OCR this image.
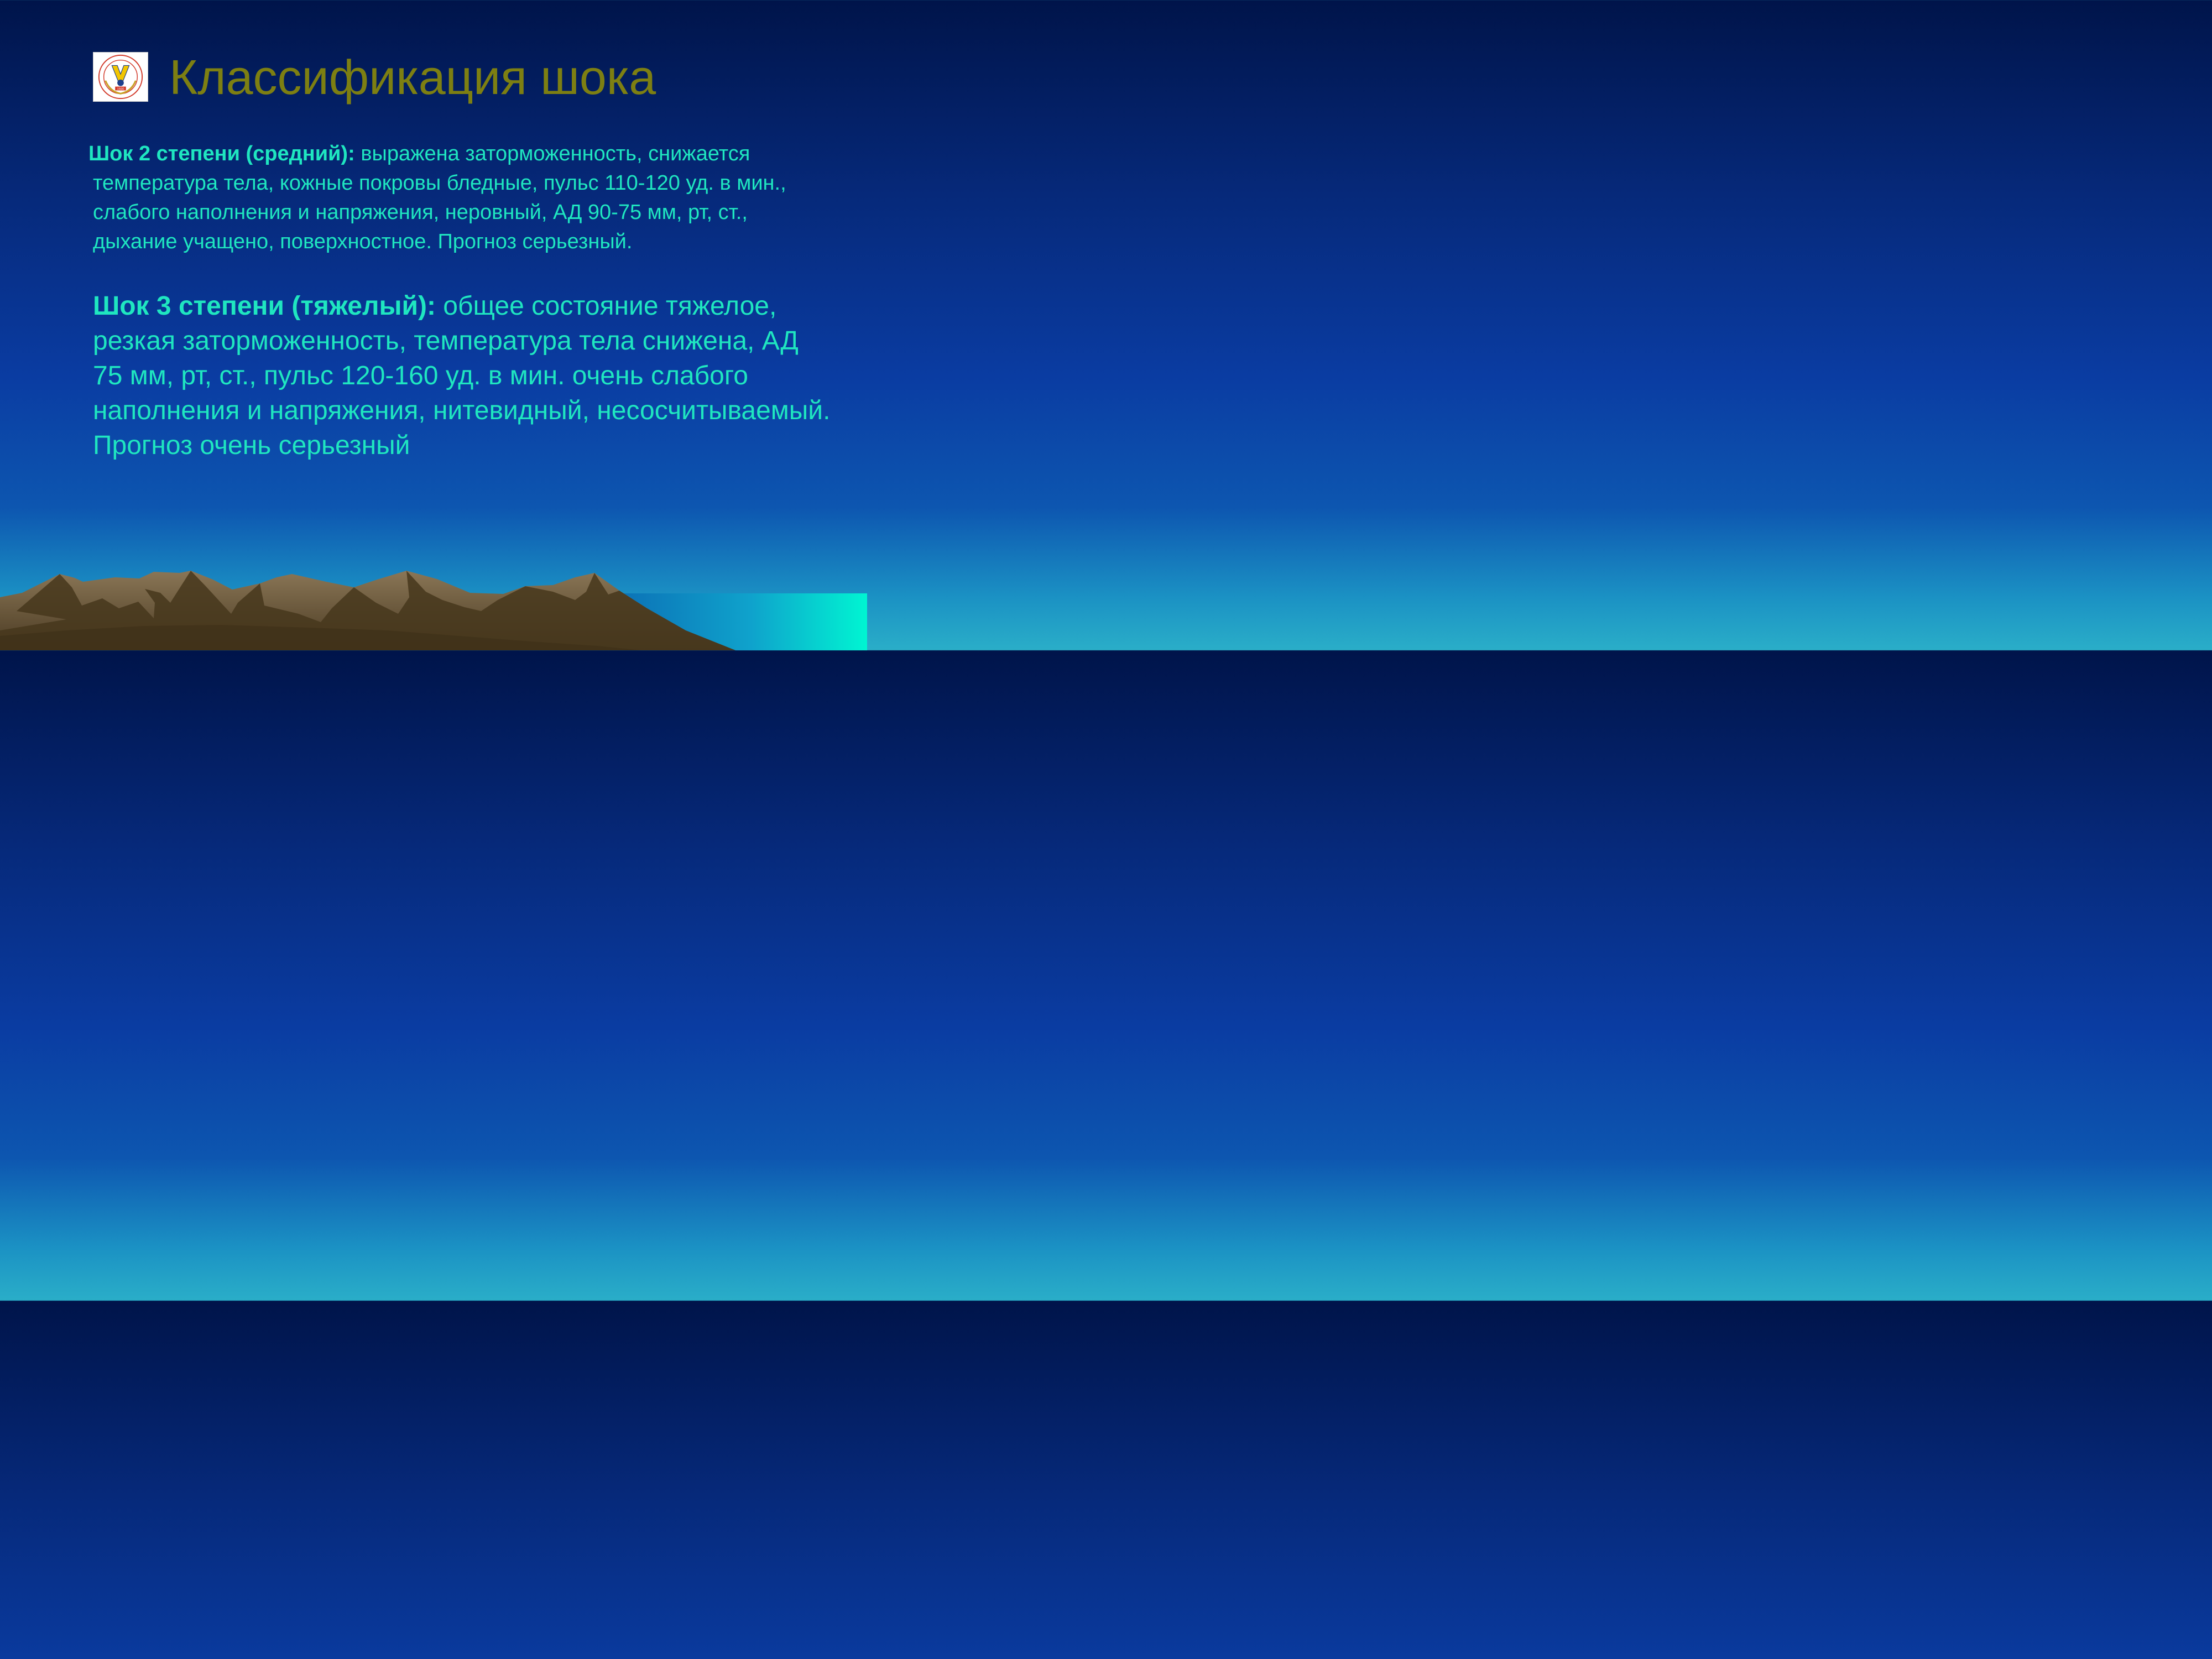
1930 Классификация шока

Шок 2 степени (средний): выражена заторможенность, снижается температура тела, кожные покровы бледные, пульс 110-120 уд. в мин., слабого наполнения и напряжения, неровный, АД 90-75 мм, рт, ст., дыхание учащено, поверхностное. Прогноз серьезный.

Шок 3 степени (тяжелый): общее состояние тяжелое, резкая заторможенность, температура тела снижена, АД 75 мм, рт, ст., пульс 120-160 уд. в мин. очень слабого наполнения и напряжения, нитевидный, несосчитываемый. Прогноз очень серьезный
